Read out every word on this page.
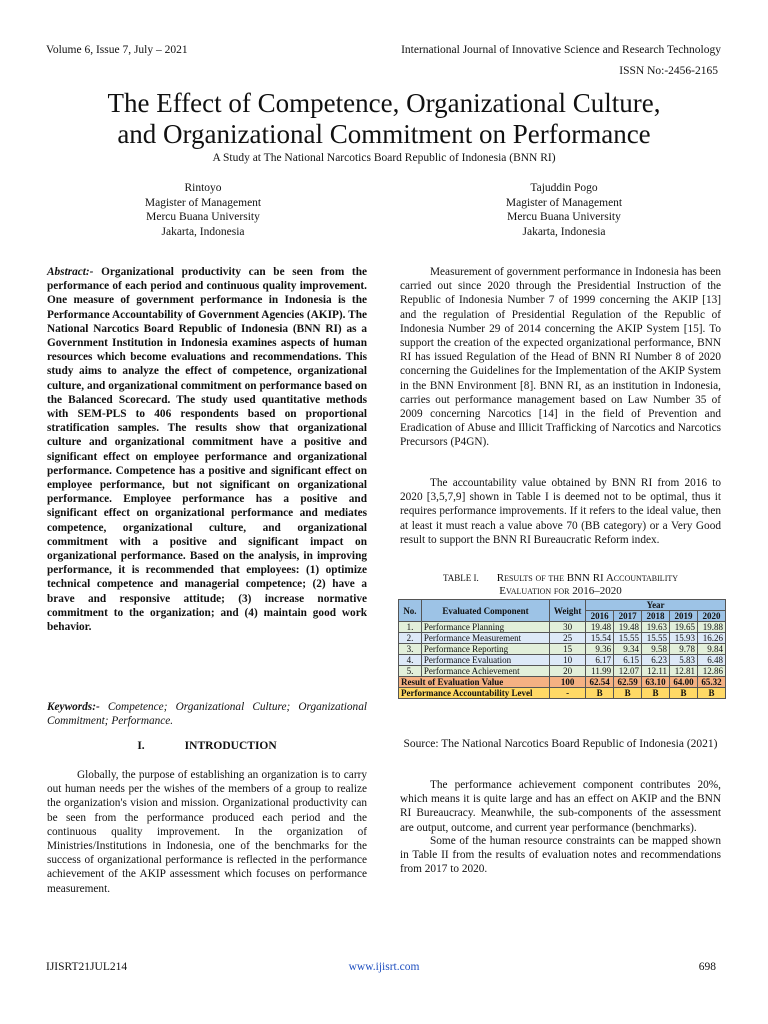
Volume 6, Issue 7, July – 2021	International Journal of Innovative Science and Research Technology
ISSN No:-2456-2165
The Effect of Competence, Organizational Culture,
and Organizational Commitment on Performance
A Study at The National Narcotics Board Republic of Indonesia (BNN RI)
Rintoyo
Magister of Management
Mercu Buana University
Jakarta, Indonesia
Tajuddin Pogo
Magister of Management
Mercu Buana University
Jakarta, Indonesia
Abstract:- Organizational productivity can be seen from the performance of each period and continuous quality improvement. One measure of government performance in Indonesia is the Performance Accountability of Government Agencies (AKIP). The National Narcotics Board Republic of Indonesia (BNN RI) as a Government Institution in Indonesia examines aspects of human resources which become evaluations and recommendations. This study aims to analyze the effect of competence, organizational culture, and organizational commitment on performance based on the Balanced Scorecard. The study used quantitative methods with SEM-PLS to 406 respondents based on proportional stratification samples. The results show that organizational culture and organizational commitment have a positive and significant effect on employee performance and organizational performance. Competence has a positive and significant effect on employee performance, but not significant on organizational performance. Employee performance has a positive and significant effect on organizational performance and mediates competence, organizational culture, and organizational commitment with a positive and significant impact on organizational performance. Based on the analysis, in improving performance, it is recommended that employees: (1) optimize technical competence and managerial competence; (2) have a brave and responsive attitude; (3) increase normative commitment to the organization; and (4) maintain good work behavior.
Keywords:- Competence; Organizational Culture; Organizational Commitment; Performance.
I.	INTRODUCTION
Globally, the purpose of establishing an organization is to carry out human needs per the wishes of the members of a group to realize the organization's vision and mission. Organizational productivity can be seen from the performance produced each period and the continuous quality improvement. In the organization of Ministries/Institutions in Indonesia, one of the benchmarks for the success of organizational performance is reflected in the performance achievement of the AKIP assessment which focuses on performance measurement.
Measurement of government performance in Indonesia has been carried out since 2020 through the Presidential Instruction of the Republic of Indonesia Number 7 of 1999 concerning the AKIP [13] and the regulation of Presidential Regulation of the Republic of Indonesia Number 29 of 2014 concerning the AKIP System [15]. To support the creation of the expected organizational performance, BNN RI has issued Regulation of the Head of BNN RI Number 8 of 2020 concerning the Guidelines for the Implementation of the AKIP System in the BNN Environment [8]. BNN RI, as an institution in Indonesia, carries out performance management based on Law Number 35 of 2009 concerning Narcotics [14] in the field of Prevention and Eradication of Abuse and Illicit Trafficking of Narcotics and Narcotics Precursors (P4GN).
The accountability value obtained by BNN RI from 2016 to 2020 [3,5,7,9] shown in Table I is deemed not to be optimal, thus it requires performance improvements. If it refers to the ideal value, then at least it must reach a value above 70 (BB category) or a Very Good result to support the BNN RI Bureaucratic Reform index.
TABLE I. Results of the BNN RI Accountability
Evaluation for 2016–2020
No.	Evaluated Component	Weight	Year				
			2016	2017	2018	2019	2020
1.	Performance Planning	30	19.48	19.48	19.63	19.65	19.88
2.	Performance Measurement	25	15.54	15.55	15.55	15.93	16.26
3.	Performance Reporting	15	9.36	9.34	9.58	9.78	9.84
4.	Performance Evaluation	10	6.17	6.15	6.23	5.83	6.48
5.	Performance Achievement	20	11.99	12.07	12.11	12.81	12.86
Result of Evaluation Value		100	62.54	62.59	63.10	64.00	65.32
Performance Accountability Level		-	B	B	B	B	B
Source: The National Narcotics Board Republic of Indonesia (2021)
The performance achievement component contributes 20%, which means it is quite large and has an effect on AKIP and the BNN RI Bureaucracy. Meanwhile, the sub-components of the assessment are output, outcome, and current year performance (benchmarks).
Some of the human resource constraints can be mapped shown in Table II from the results of evaluation notes and recommendations from 2017 to 2020.
IJISRT21JUL214	www.ijisrt.com	698
